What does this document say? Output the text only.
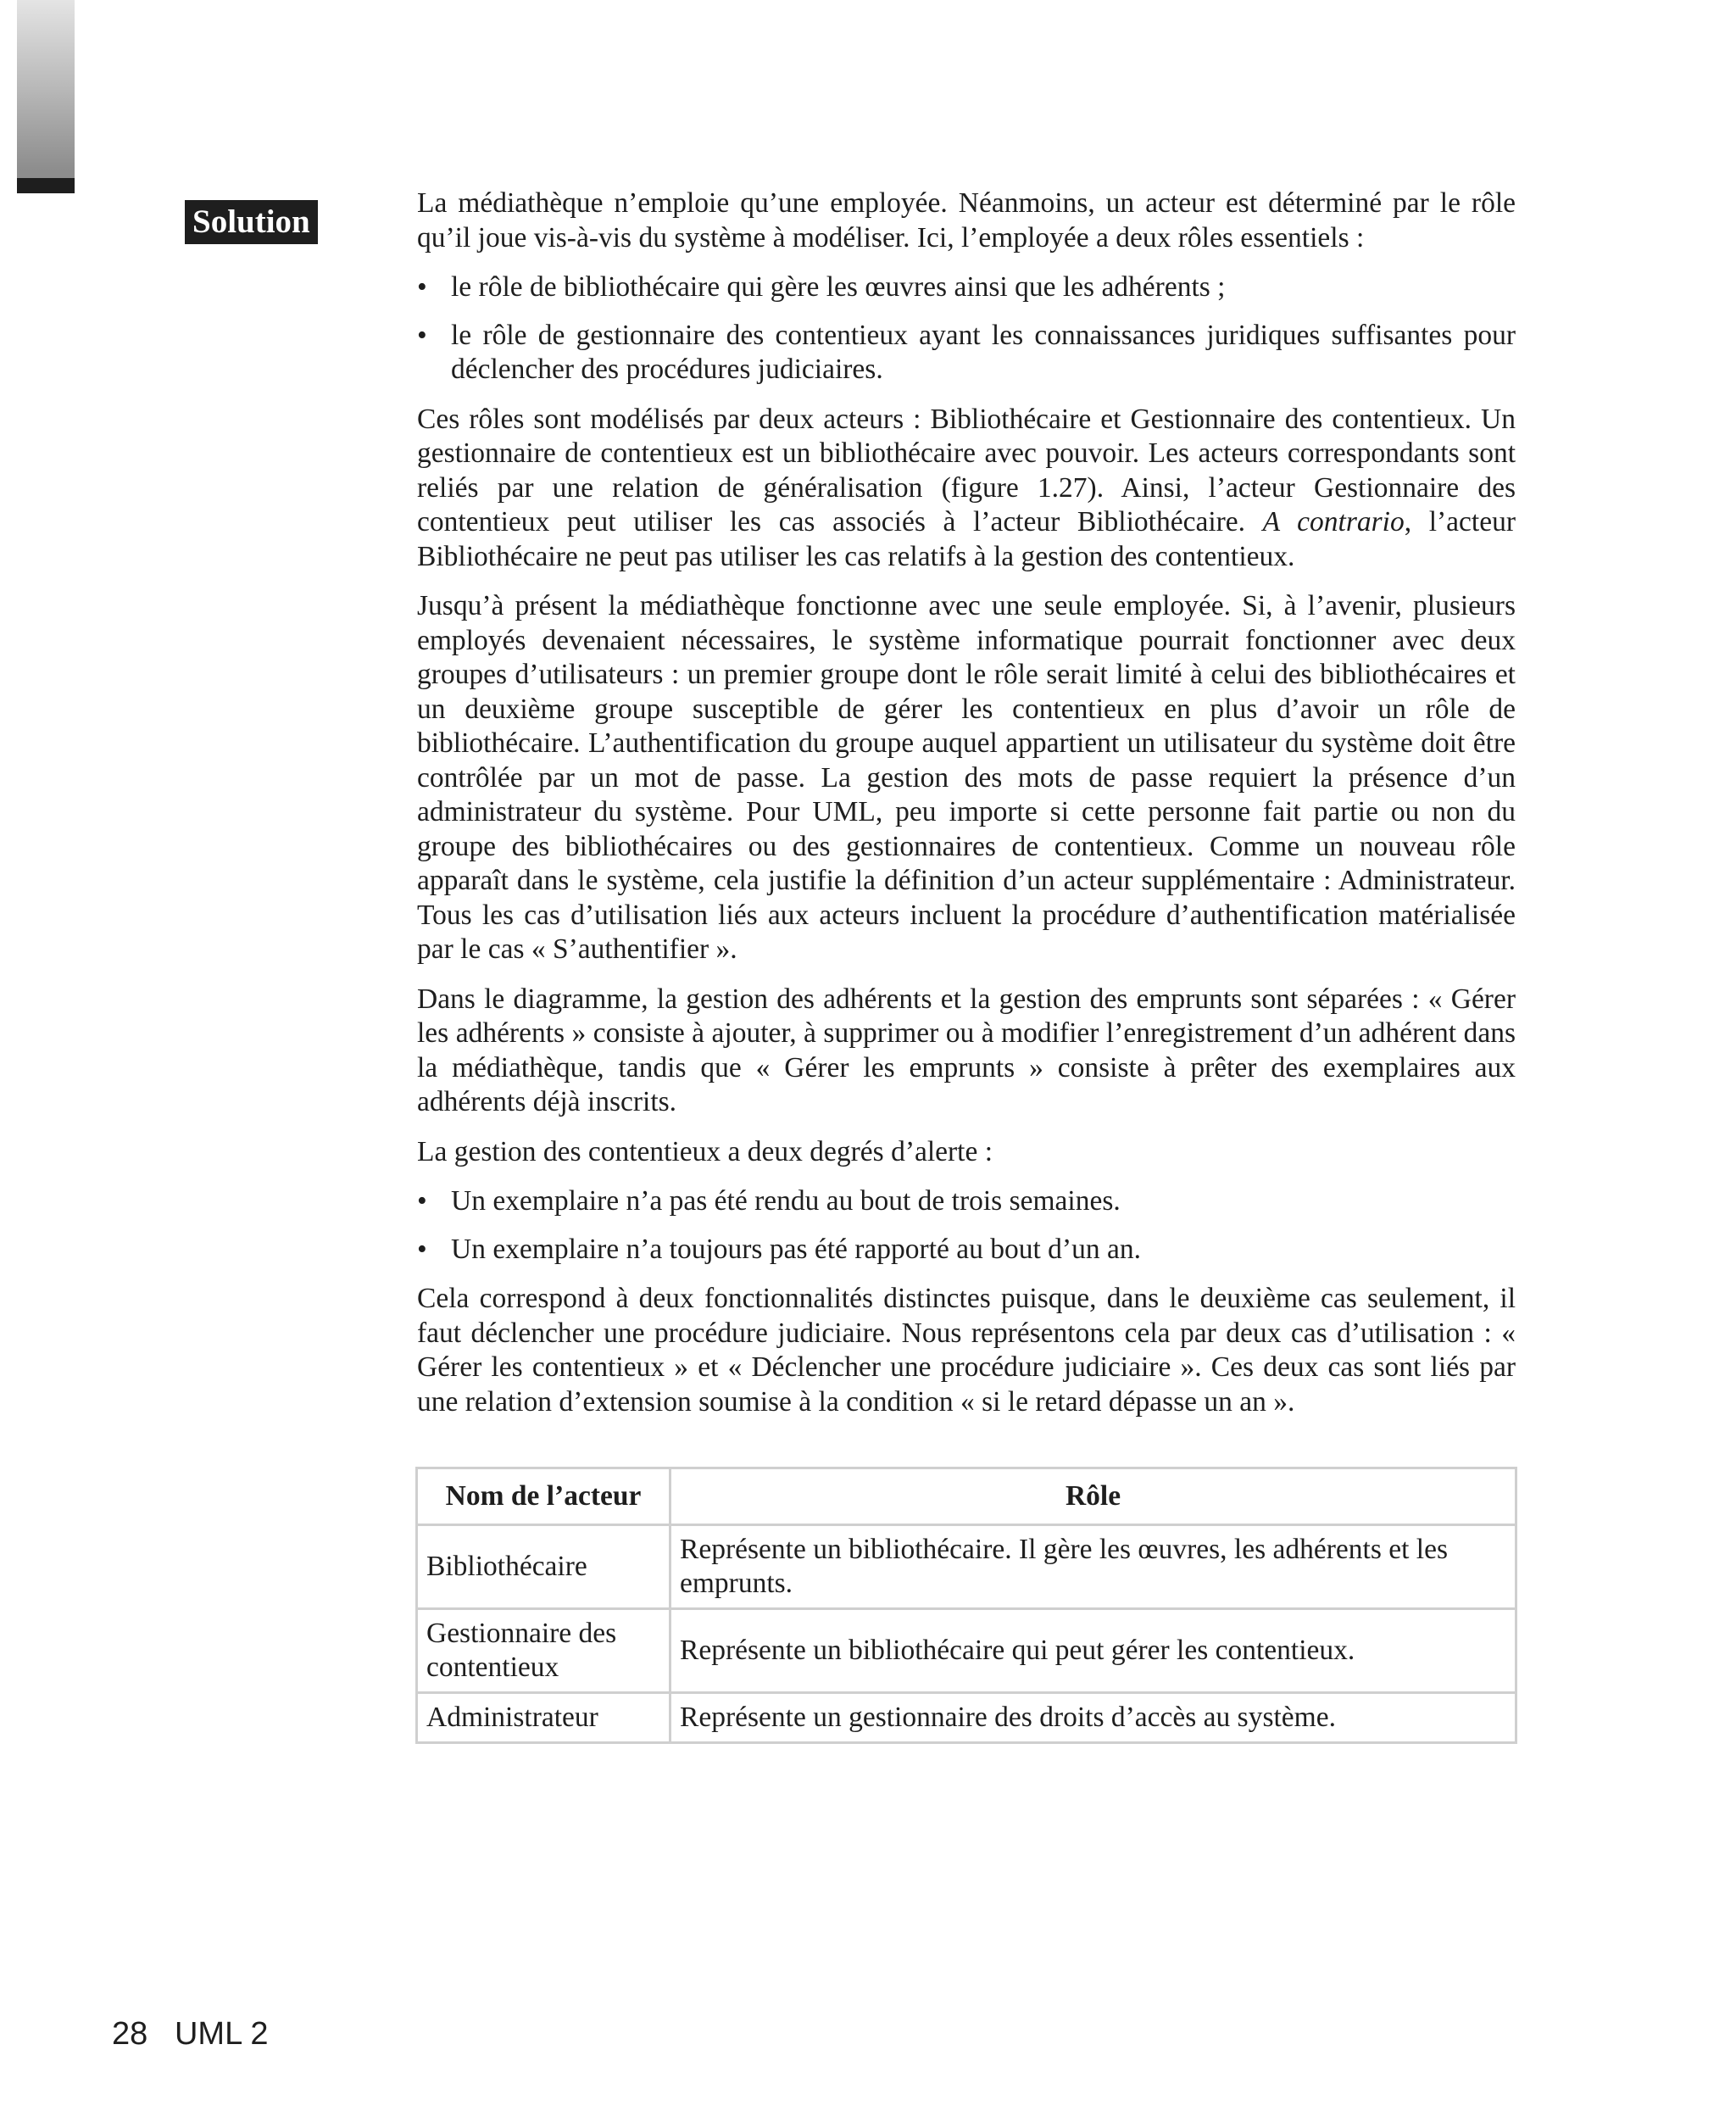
Solution

La médiathèque n’emploie qu’une employée. Néanmoins, un acteur est déterminé par le rôle qu’il joue vis-à-vis du système à modéliser. Ici, l’employée a deux rôles essentiels :

• le rôle de bibliothécaire qui gère les œuvres ainsi que les adhérents ;
• le rôle de gestionnaire des contentieux ayant les connaissances juridiques suffisantes pour déclencher des procédures judiciaires.

Ces rôles sont modélisés par deux acteurs : Bibliothécaire et Gestionnaire des contentieux. Un gestionnaire de contentieux est un bibliothécaire avec pouvoir. Les acteurs correspondants sont reliés par une relation de généralisation (figure 1.27). Ainsi, l’acteur Gestionnaire des contentieux peut utiliser les cas associés à l’acteur Bibliothécaire. A contrario, l’acteur Bibliothécaire ne peut pas utiliser les cas relatifs à la gestion des contentieux.

Jusqu’à présent la médiathèque fonctionne avec une seule employée. Si, à l’avenir, plusieurs employés devenaient nécessaires, le système informatique pourrait fonctionner avec deux groupes d’utilisateurs : un premier groupe dont le rôle serait limité à celui des bibliothécaires et un deuxième groupe susceptible de gérer les contentieux en plus d’avoir un rôle de bibliothécaire. L’authentification du groupe auquel appartient un utilisateur du système doit être contrôlée par un mot de passe. La gestion des mots de passe requiert la présence d’un administrateur du système. Pour UML, peu importe si cette personne fait partie ou non du groupe des bibliothécaires ou des gestionnaires de contentieux. Comme un nouveau rôle apparaît dans le système, cela justifie la définition d’un acteur supplémentaire : Administrateur. Tous les cas d’utilisation liés aux acteurs incluent la procédure d’authentification matérialisée par le cas « S’authentifier ».

Dans le diagramme, la gestion des adhérents et la gestion des emprunts sont séparées : « Gérer les adhérents » consiste à ajouter, à supprimer ou à modifier l’enregistrement d’un adhérent dans la médiathèque, tandis que « Gérer les emprunts » consiste à prêter des exemplaires aux adhérents déjà inscrits.

La gestion des contentieux a deux degrés d’alerte :

• Un exemplaire n’a pas été rendu au bout de trois semaines.
• Un exemplaire n’a toujours pas été rapporté au bout d’un an.

Cela correspond à deux fonctionnalités distinctes puisque, dans le deuxième cas seulement, il faut déclencher une procédure judiciaire. Nous représentons cela par deux cas d’utilisation : « Gérer les contentieux » et « Déclencher une procédure judiciaire ». Ces deux cas sont liés par une relation d’extension soumise à la condition « si le retard dépasse un an ».

Nom de l’acteur	Rôle
Bibliothécaire	Représente un bibliothécaire. Il gère les œuvres, les adhérents et les emprunts.
Gestionnaire des contentieux	Représente un bibliothécaire qui peut gérer les contentieux.
Administrateur	Représente un gestionnaire des droits d’accès au système.
28 UML 2
